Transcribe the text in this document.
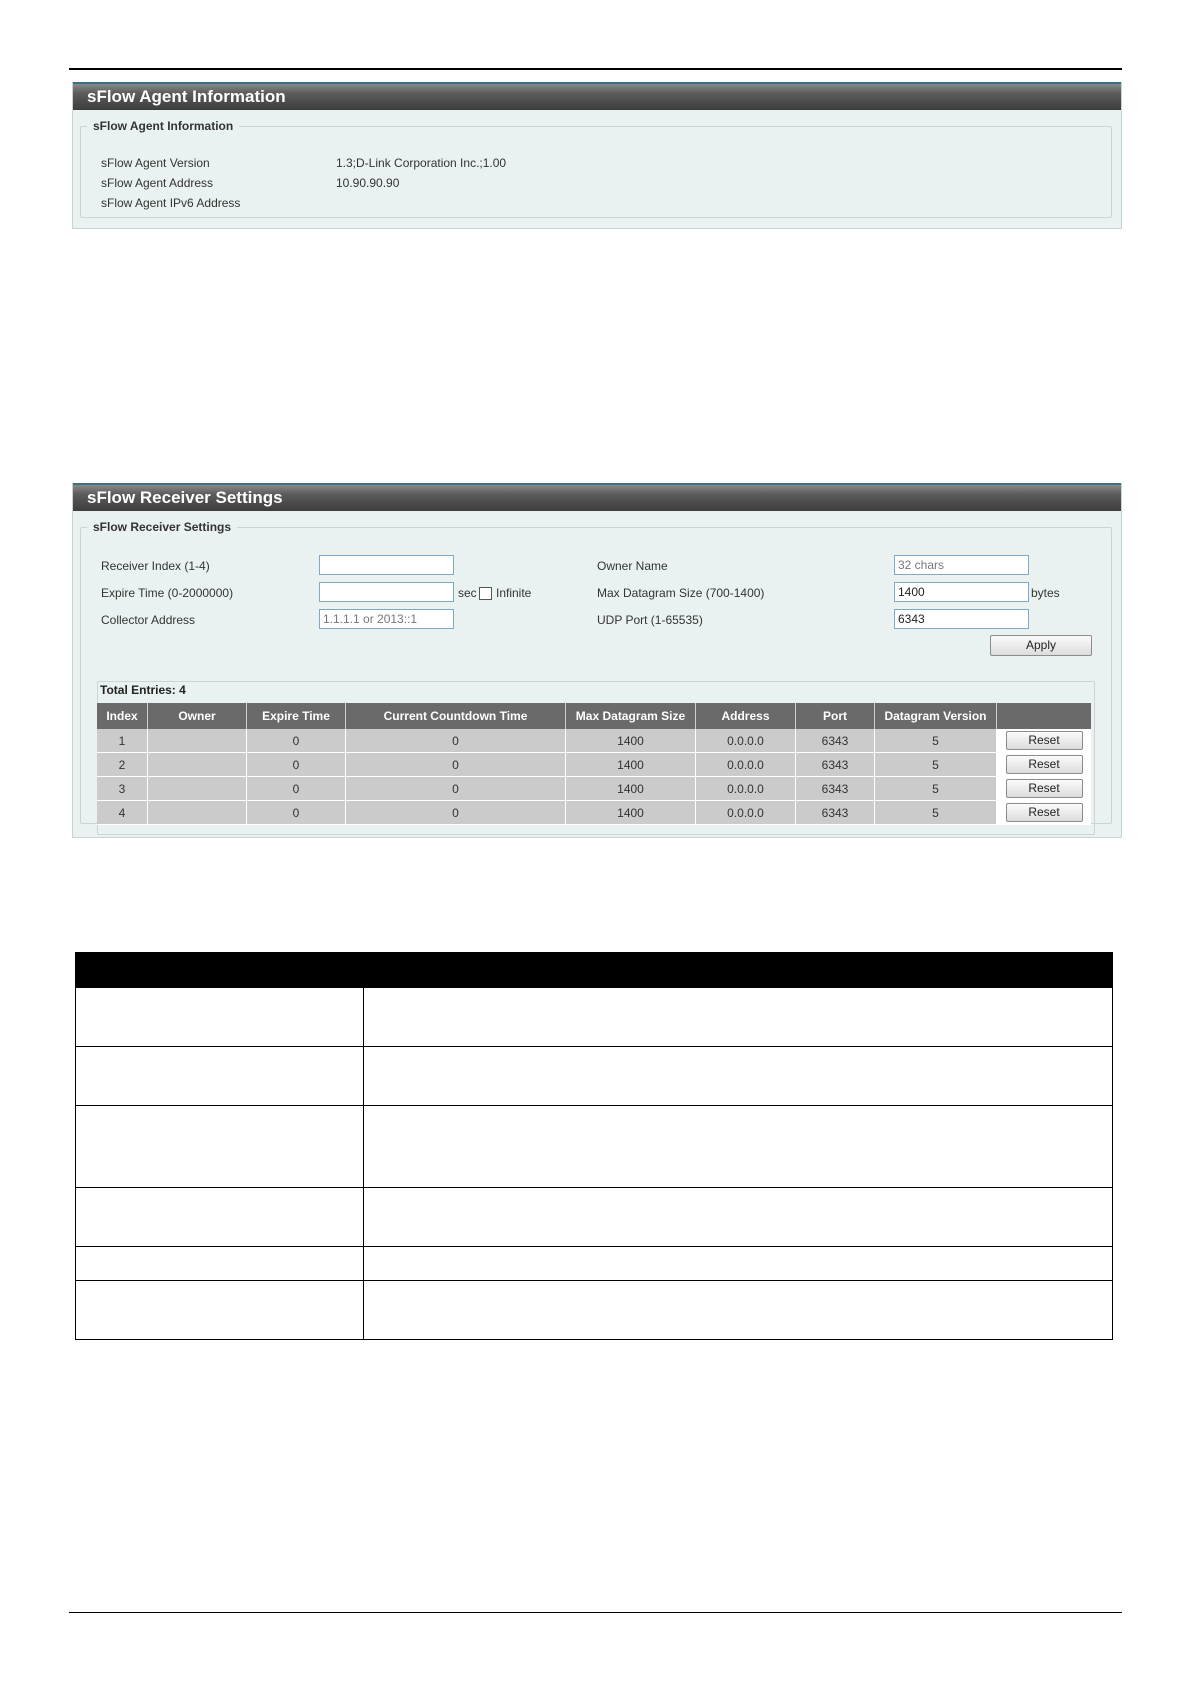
sFlow Agent Information
sFlow Agent Information
sFlow Agent Version	1.3;D-Link Corporation Inc.;1.00
sFlow Agent Address	10.90.90.90
sFlow Agent IPv6 Address
sFlow Receiver Settings
sFlow Receiver Settings
Receiver Index (1-4)
Expire Time (0-2000000)	sec Infinite
Collector Address
1.1.1.1 or 2013::1
Owner Name
32 chars
Max Datagram Size (700-1400)
1400	bytes
UDP Port (1-65535)
6343
Apply
Total Entries: 4
Index	Owner	Expire Time	Current Countdown Time	Max Datagram Size	Address	Port	Datagram Version	
1		0	0	1400	0.0.0.0	6343	5	Reset

2		0	0	1400	0.0.0.0	6343	5	Reset

3		0	0	1400	0.0.0.0	6343	5	Reset

4		0	0	1400	0.0.0.0	6343	5	Reset
